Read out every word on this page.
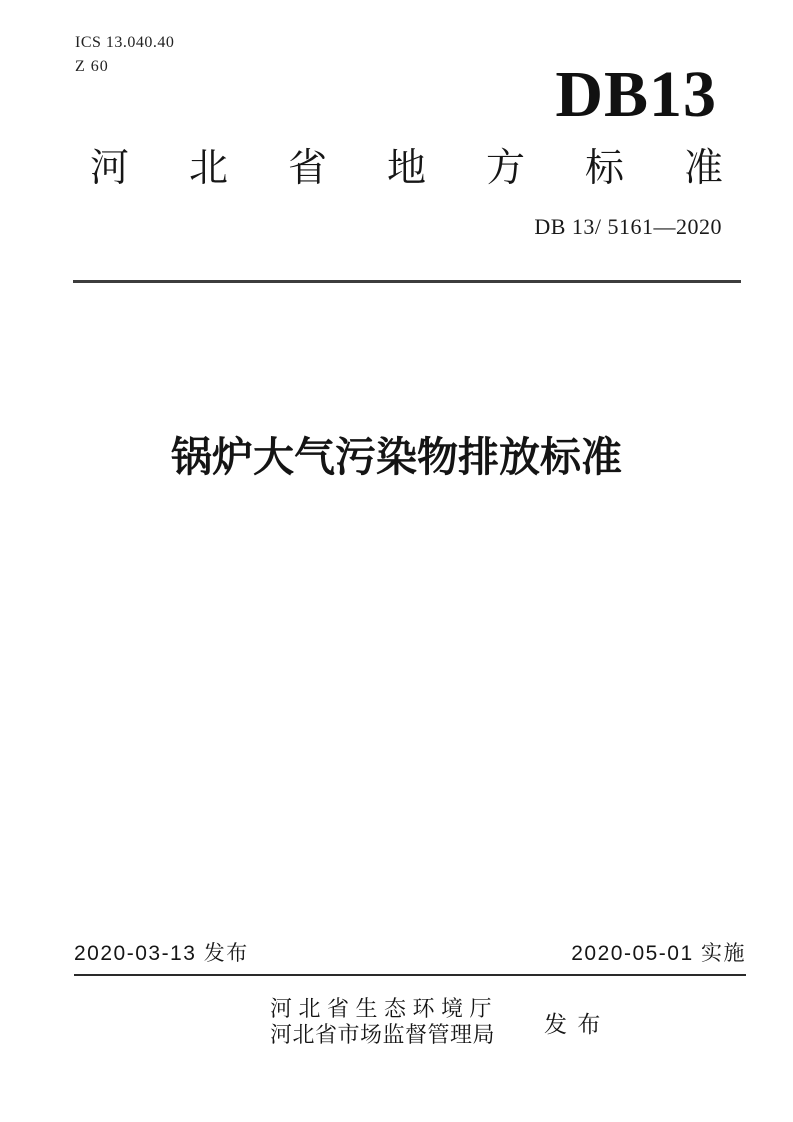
ICS 13.040.40
Z 60	DB13
河北省地方标准
DB 13/ 5161—2020
锅炉大气污染物排放标准
2020-03-13 发布	2020-05-01 实施
河北省生态环境厅
河北省市场监督管理局 发 布
